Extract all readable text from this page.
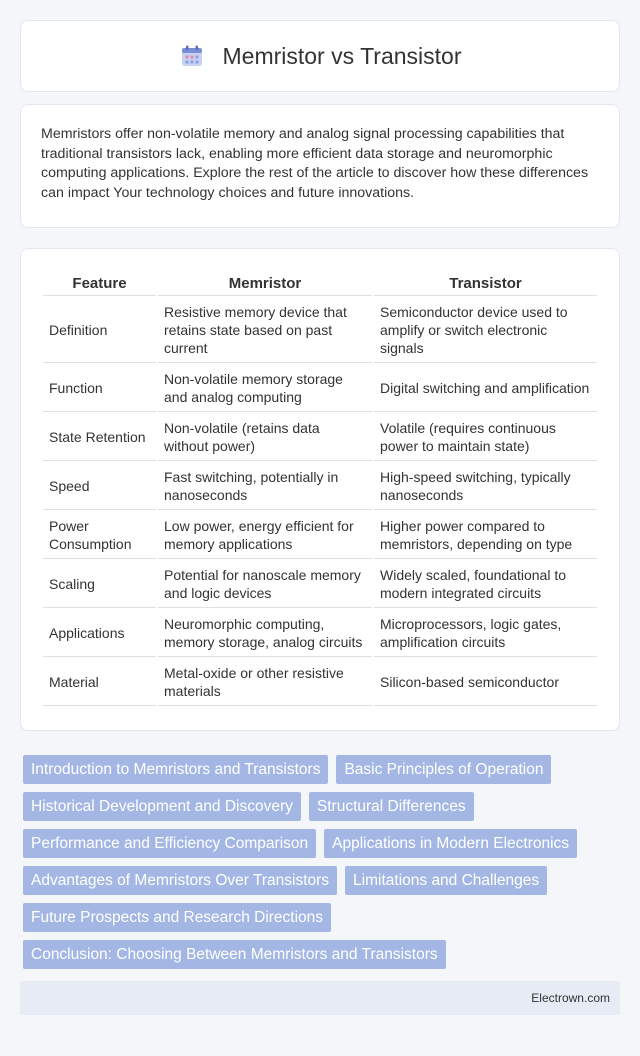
Memristor vs Transistor

Memristors offer non-volatile memory and analog signal processing capabilities that traditional transistors lack, enabling more efficient data storage and neuromorphic computing applications. Explore the rest of the article to discover how these differences can impact Your technology choices and future innovations.

Feature	Memristor	Transistor
Definition	Resistive memory device that retains state based on past current	Semiconductor device used to amplify or switch electronic signals
Function	Non-volatile memory storage and analog computing	Digital switching and amplification
State Retention	Non-volatile (retains data without power)	Volatile (requires continuous power to maintain state)
Speed	Fast switching, potentially in nanoseconds	High-speed switching, typically nanoseconds
Power Consumption	Low power, energy efficient for memory applications	Higher power compared to memristors, depending on type
Scaling	Potential for nanoscale memory and logic devices	Widely scaled, foundational to modern integrated circuits
Applications	Neuromorphic computing, memory storage, analog circuits	Microprocessors, logic gates, amplification circuits
Material	Metal-oxide or other resistive materials	Silicon-based semiconductor
Introduction to Memristors and Transistors	Basic Principles of Operation
Historical Development and Discovery	Structural Differences
Performance and Efficiency Comparison	Applications in Modern Electronics
Advantages of Memristors Over Transistors	Limitations and Challenges
Future Prospects and Research Directions
Conclusion: Choosing Between Memristors and Transistors
Electrown.com
